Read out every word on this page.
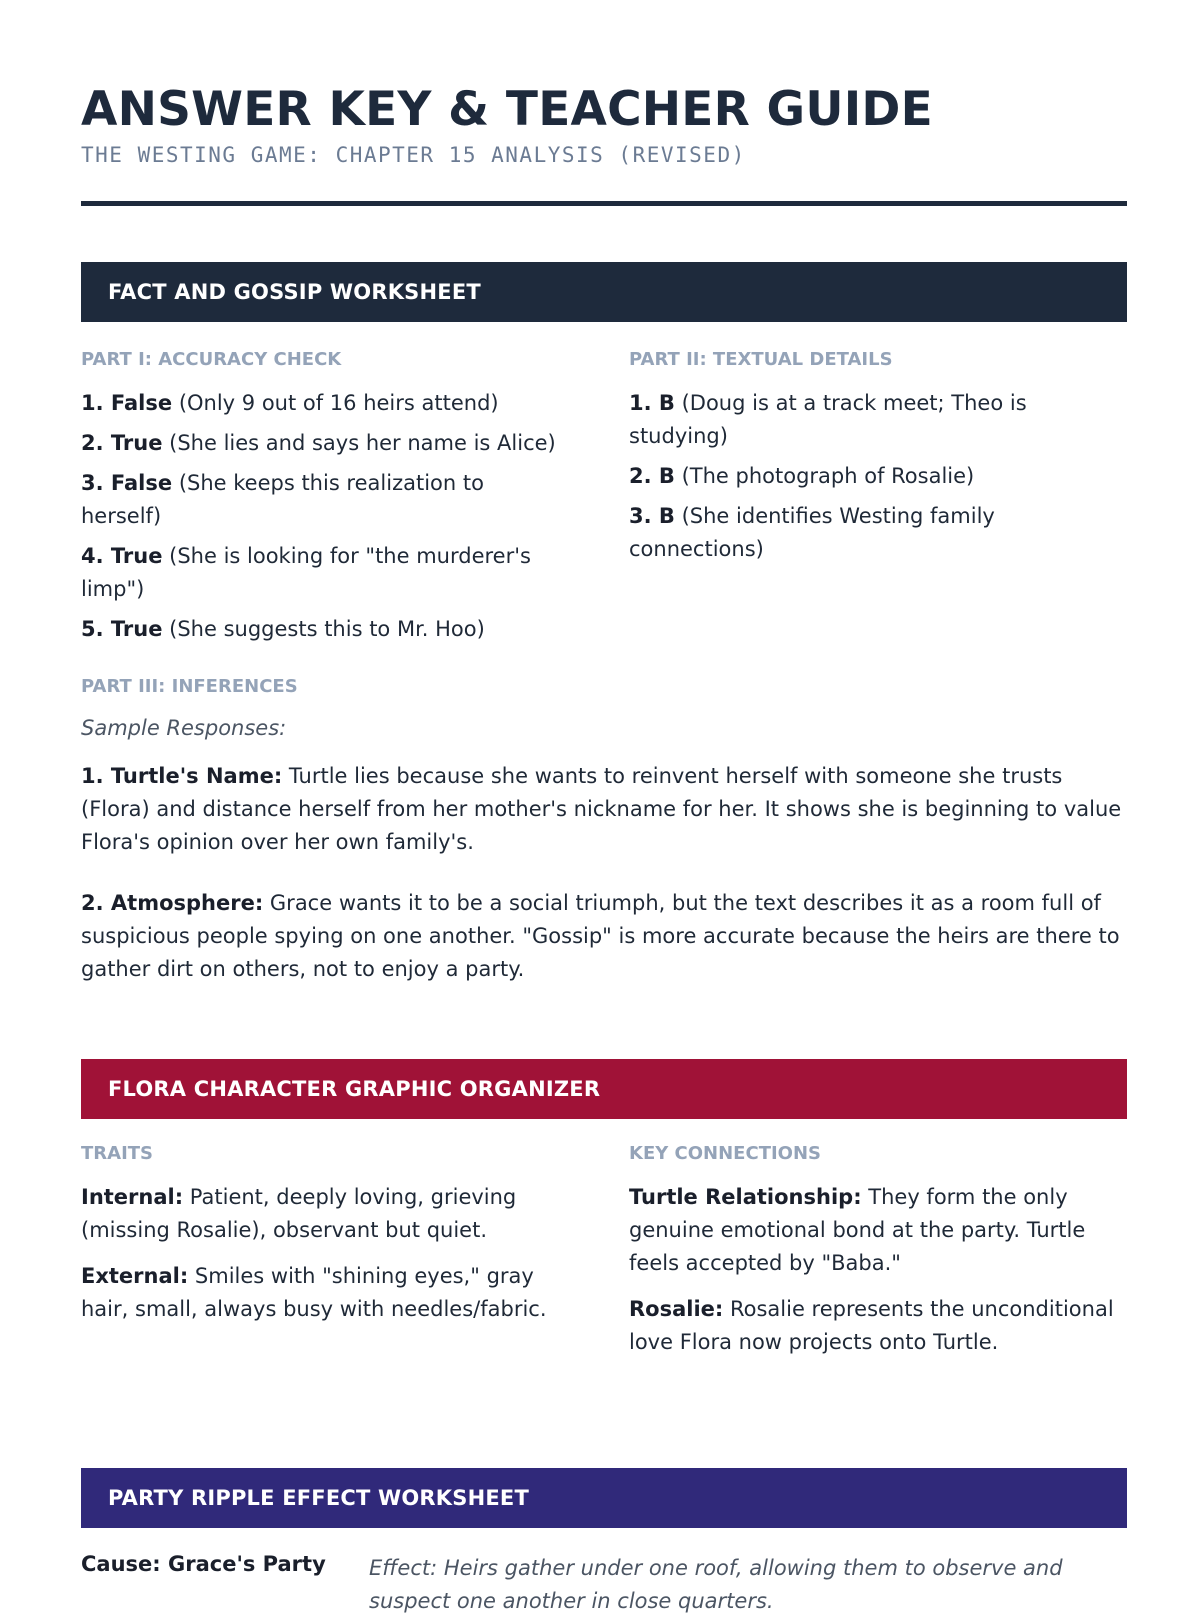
ANSWER KEY & TEACHER GUIDE
THE WESTING GAME: CHAPTER 15 ANALYSIS (REVISED)
FACT AND GOSSIP WORKSHEET
PART I: ACCURACY CHECK

1. False (Only 9 out of 16 heirs attend)

2. True (She lies and says her name is Alice)

3. False (She keeps this realization to herself)

4. True (She is looking for "the murderer's limp")

5. True (She suggests this to Mr. Hoo)

PART II: TEXTUAL DETAILS

1. B (Doug is at a track meet; Theo is studying)

2. B (The photograph of Rosalie)

3. B (She identifies Westing family connections)

PART III: INFERENCES
Sample Responses:

1. Turtle's Name: Turtle lies because she wants to reinvent herself with someone she trusts (Flora) and distance herself from her mother's nickname for her. It shows she is beginning to value Flora's opinion over her own family's.

2. Atmosphere: Grace wants it to be a social triumph, but the text describes it as a room full of suspicious people spying on one another. "Gossip" is more accurate because the heirs are there to gather dirt on others, not to enjoy a party.

FLORA CHARACTER GRAPHIC ORGANIZER
TRAITS

Internal: Patient, deeply loving, grieving (missing Rosalie), observant but quiet.

External: Smiles with "shining eyes," gray hair, small, always busy with needles/fabric.

KEY CONNECTIONS

Turtle Relationship: They form the only genuine emotional bond at the party. Turtle feels accepted by "Baba."

Rosalie: Rosalie represents the unconditional love Flora now projects onto Turtle.

PARTY RIPPLE EFFECT WORKSHEET
Cause: Grace's Party Effect: Heirs gather under one roof, allowing them to observe and suspect one another in close quarters.
